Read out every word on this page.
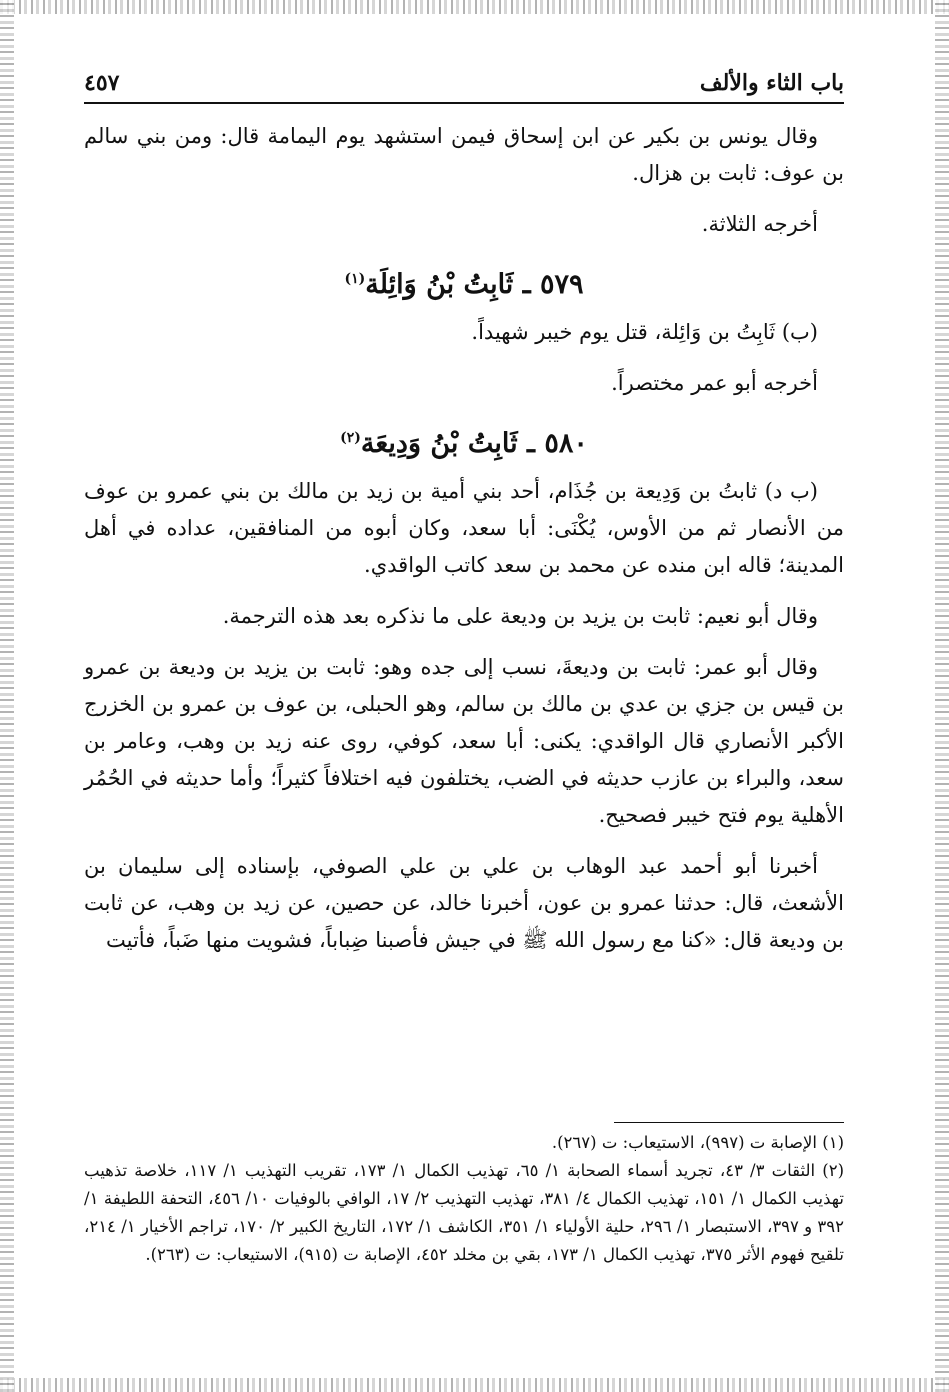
باب الثاء والألف
٤٥٧

وقال يونس بن بكير عن ابن إسحاق فيمن استشهد يوم اليمامة قال: ومن بني سالم بن عوف: ثابت بن هزال.

أخرجه الثلاثة.

٥٧٩ ـ ثَابِتُ بْنُ وَائِلَة$^{(١)}$

(ب) ثَابِتُ بن وَائِلة، قتل يوم خيبر شهيداً.

أخرجه أبو عمر مختصراً.

٥٨٠ ـ ثَابِتُ بْنُ وَدِيعَة$^{(٢)}$

(ب د) ثابتُ بن وَدِيعة بن جُذَام، أحد بني أمية بن زيد بن مالك بن بني عمرو بن عوف من الأنصار ثم من الأوس، يُكْنَى: أبا سعد، وكان أبوه من المنافقين، عداده في أهل المدينة؛ قاله ابن منده عن محمد بن سعد كاتب الواقدي.

وقال أبو نعيم: ثابت بن يزيد بن وديعة على ما نذكره بعد هذه الترجمة.

وقال أبو عمر: ثابت بن وديعةَ، نسب إلى جده وهو: ثابت بن يزيد بن وديعة بن عمرو بن قيس بن جزي بن عدي بن مالك بن سالم، وهو الحبلى، بن عوف بن عمرو بن الخزرج الأكبر الأنصاري قال الواقدي: يكنى: أبا سعد، كوفي، روى عنه زيد بن وهب، وعامر بن سعد، والبراء بن عازب حديثه في الضب، يختلفون فيه اختلافاً كثيراً؛ وأما حديثه في الحُمُر الأهلية يوم فتح خيبر فصحيح.

أخبرنا أبو أحمد عبد الوهاب بن علي بن علي الصوفي، بإسناده إلى سليمان بن الأشعث، قال: حدثنا عمرو بن عون، أخبرنا خالد، عن حصين، عن زيد بن وهب، عن ثابت بن وديعة قال: «كنا مع رسول الله ﷺ في جيش فأصبنا ضِباباً، فشويت منها ضَباً، فأتيت

(١) الإصابة ت (٩٩٧)، الاستيعاب: ت (٢٦٧).

(٢) الثقات ٣/ ٤٣، تجريد أسماء الصحابة ١/ ٦٥، تهذيب الكمال ١/ ١٧٣، تقريب التهذيب ١/ ١١٧، خلاصة تذهيب تهذيب الكمال ١/ ١٥١، تهذيب الكمال ٤/ ٣٨١، تهذيب التهذيب ٢/ ١٧، الوافي بالوفيات ١٠/ ٤٥٦، التحفة اللطيفة ١/ ٣٩٢ و ٣٩٧، الاستبصار ١/ ٢٩٦، حلية الأولياء ١/ ٣٥١، الكاشف ١/ ١٧٢، التاريخ الكبير ٢/ ١٧٠، تراجم الأخيار ١/ ٢١٤، تلقيح فهوم الأثر ٣٧٥، تهذيب الكمال ١/ ١٧٣، بقي بن مخلد ٤٥٢، الإصابة ت (٩١٥)، الاستيعاب: ت (٢٦٣).
